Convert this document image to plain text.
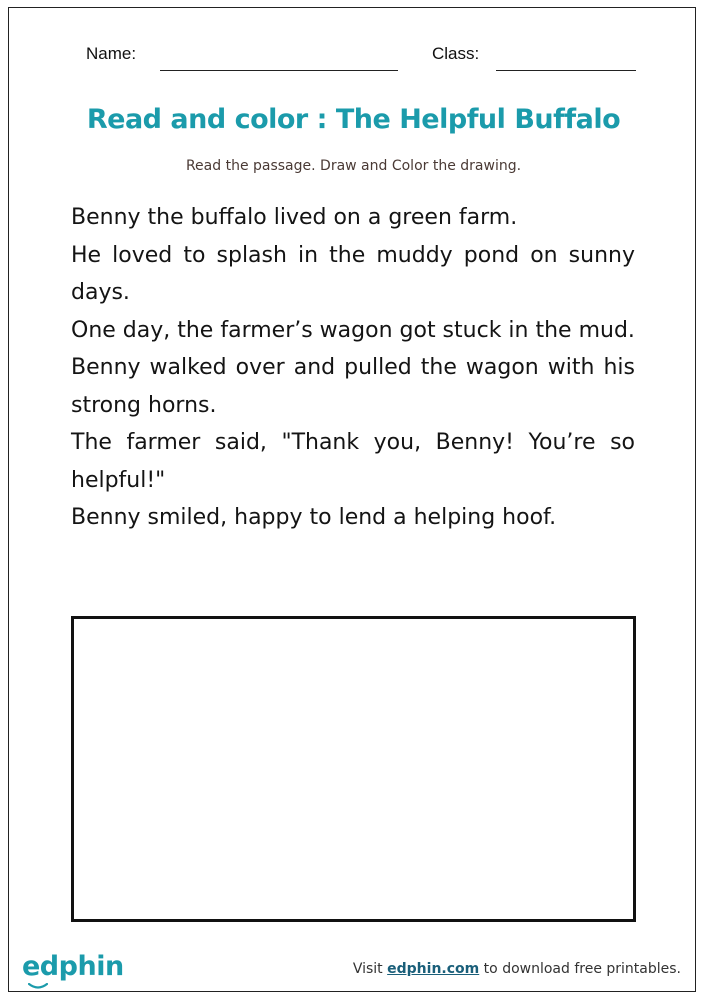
Name:	Class:
Read and color : The Helpful Buffalo
Read the passage. Draw and Color the drawing.

Benny the buffalo lived on a green farm.

He loved to splash in the muddy pond on sunny days.

One day, the farmer’s wagon got stuck in the mud.

Benny walked over and pulled the wagon with his strong horns.

The farmer said, "Thank you, Benny! You’re so helpful!"

Benny smiled, happy to lend a helping hoof.

edphin	Visit edphin.com to download free printables.
